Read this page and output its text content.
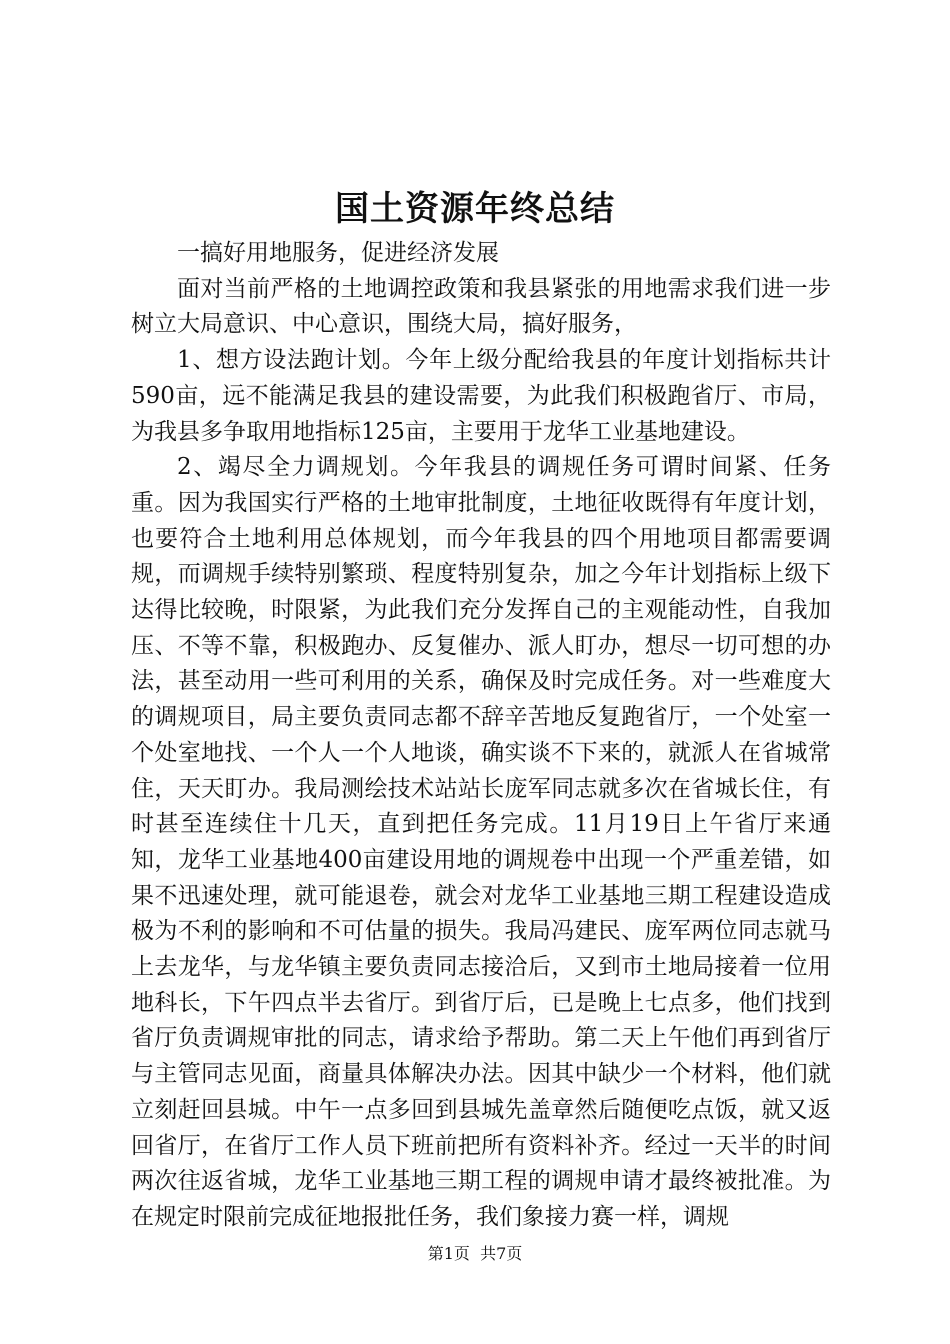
国土资源年终总结

一搞好用地服务，促进经济发展

面对当前严格的土地调控政策和我县紧张的用地需求我们进一步树立大局意识、中心意识，围绕大局，搞好服务，

1、想方设法跑计划。今年上级分配给我县的年度计划指标共计590亩，远不能满足我县的建设需要，为此我们积极跑省厅、市局，为我县多争取用地指标125亩，主要用于龙华工业基地建设。

2、竭尽全力调规划。今年我县的调规任务可谓时间紧、任务重。因为我国实行严格的土地审批制度，土地征收既得有年度计划，也要符合土地利用总体规划，而今年我县的四个用地项目都需要调规，而调规手续特别繁琐、程度特别复杂，加之今年计划指标上级下达得比较晚，时限紧，为此我们充分发挥自己的主观能动性，自我加压、不等不靠，积极跑办、反复催办、派人盯办，想尽一切可想的办法，甚至动用一些可利用的关系，确保及时完成任务。对一些难度大的调规项目，局主要负责同志都不辞辛苦地反复跑省厅，一个处室一个处室地找、一个人一个人地谈，确实谈不下来的，就派人在省城常住，天天盯办。我局测绘技术站站长庞军同志就多次在省城长住，有时甚至连续住十几天，直到把任务完成。11月19日上午省厅来通知，龙华工业基地400亩建设用地的调规卷中出现一个严重差错，如果不迅速处理，就可能退卷，就会对龙华工业基地三期工程建设造成极为不利的影响和不可估量的损失。我局冯建民、庞军两位同志就马上去龙华，与龙华镇主要负责同志接洽后，又到市土地局接着一位用地科长，下午四点半去省厅。到省厅后，已是晚上七点多，他们找到省厅负责调规审批的同志，请求给予帮助。第二天上午他们再到省厅与主管同志见面，商量具体解决办法。因其中缺少一个材料，他们就立刻赶回县城。中午一点多回到县城先盖章然后随便吃点饭，就又返回省厅，在省厅工作人员下班前把所有资料补齐。经过一天半的时间两次往返省城，龙华工业基地三期工程的调规申请才最终被批准。为在规定时限前完成征地报批任务，我们象接力赛一样，调规

第1页  共7页
